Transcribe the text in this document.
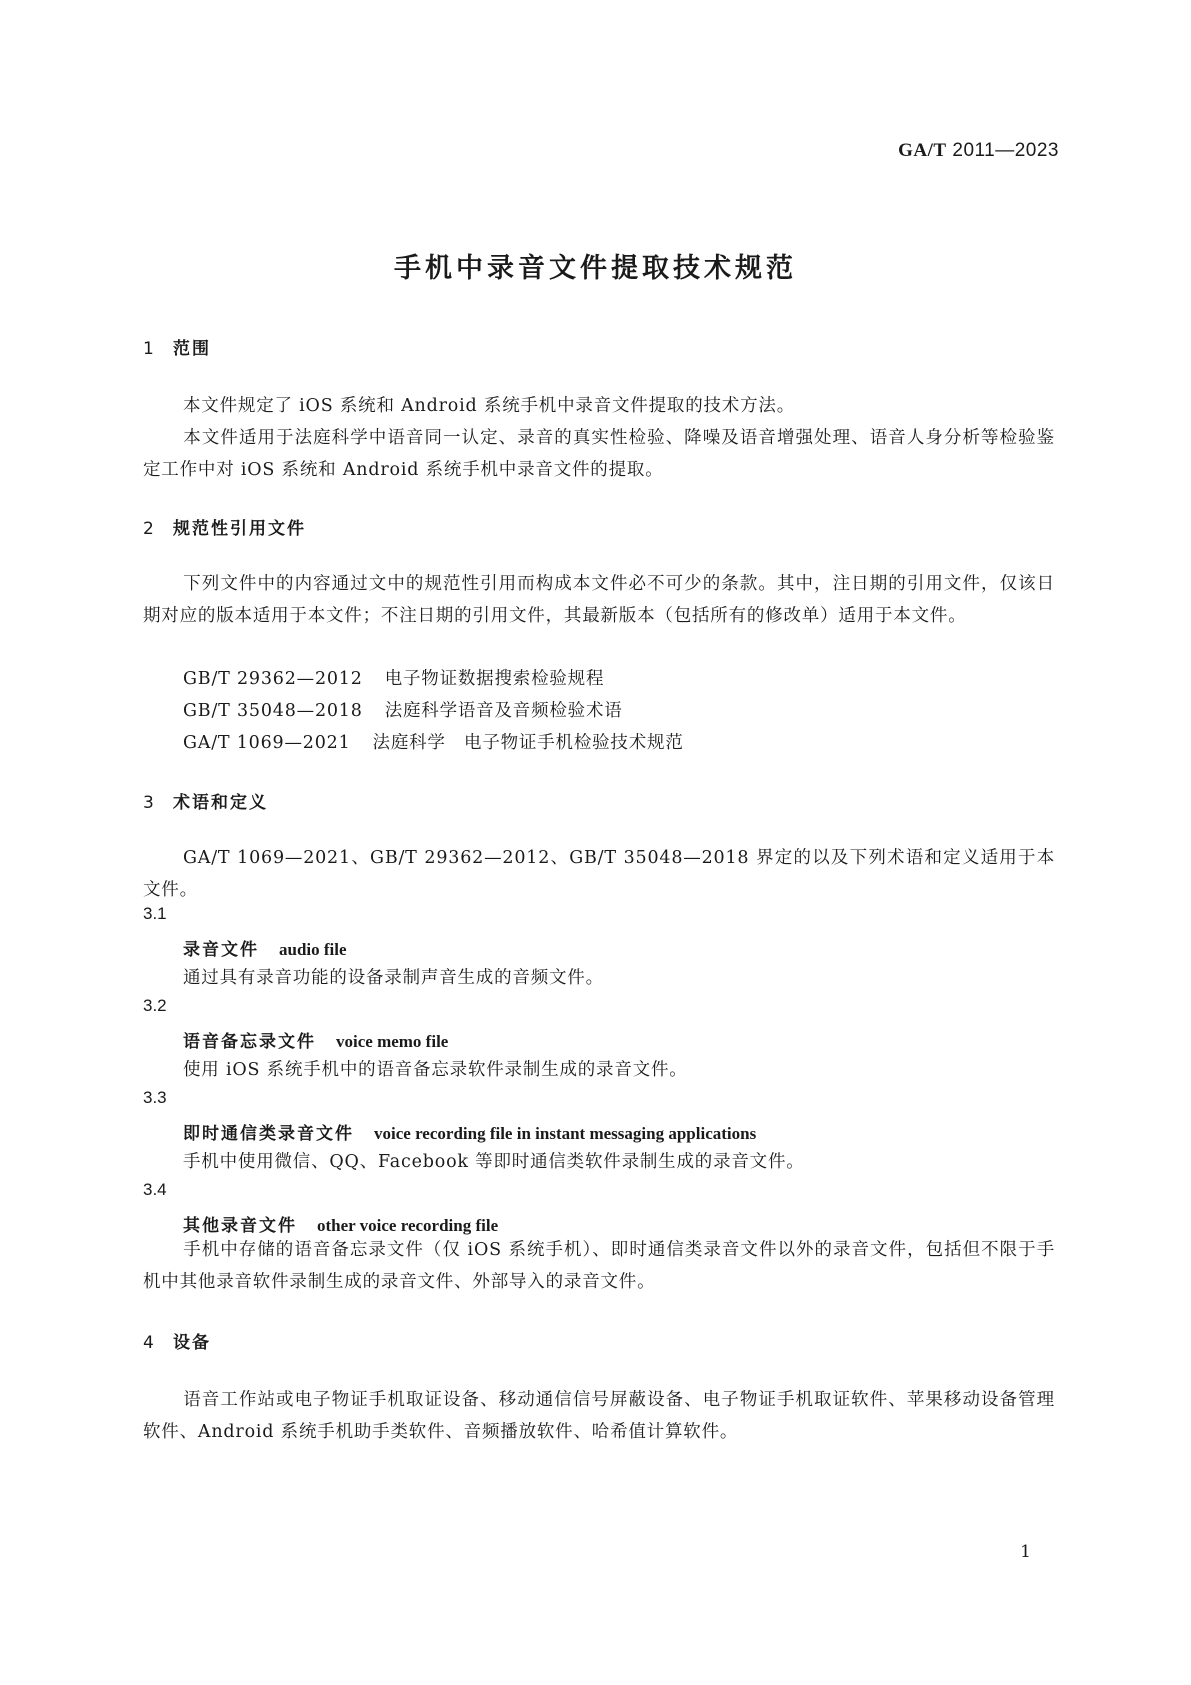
GA/T 2011—2023
手机中录音文件提取技术规范
1 范围
本文件规定了 iOS 系统和 Android 系统手机中录音文件提取的技术方法。
本文件适用于法庭科学中语音同一认定、录音的真实性检验、降噪及语音增强处理、语音人身分析等检验鉴定工作中对 iOS 系统和 Android 系统手机中录音文件的提取。
2 规范性引用文件
下列文件中的内容通过文中的规范性引用而构成本文件必不可少的条款。其中，注日期的引用文件，仅该日期对应的版本适用于本文件；不注日期的引用文件，其最新版本（包括所有的修改单）适用于本文件。
GB/T 29362—2012 电子物证数据搜索检验规程
GB/T 35048—2018 法庭科学语音及音频检验术语
GA/T 1069—2021 法庭科学　电子物证手机检验技术规范
3 术语和定义
GA/T 1069—2021、GB/T 29362—2012、GB/T 35048—2018 界定的以及下列术语和定义适用于本文件。
3.1
录音文件 audio file
通过具有录音功能的设备录制声音生成的音频文件。
3.2
语音备忘录文件 voice memo file
使用 iOS 系统手机中的语音备忘录软件录制生成的录音文件。
3.3
即时通信类录音文件 voice recording file in instant messaging applications
手机中使用微信、QQ、Facebook 等即时通信类软件录制生成的录音文件。
3.4
其他录音文件 other voice recording file
手机中存储的语音备忘录文件（仅 iOS 系统手机）、即时通信类录音文件以外的录音文件，包括但不限于手机中其他录音软件录制生成的录音文件、外部导入的录音文件。
4 设备
语音工作站或电子物证手机取证设备、移动通信信号屏蔽设备、电子物证手机取证软件、苹果移动设备管理软件、Android 系统手机助手类软件、音频播放软件、哈希值计算软件。
1
